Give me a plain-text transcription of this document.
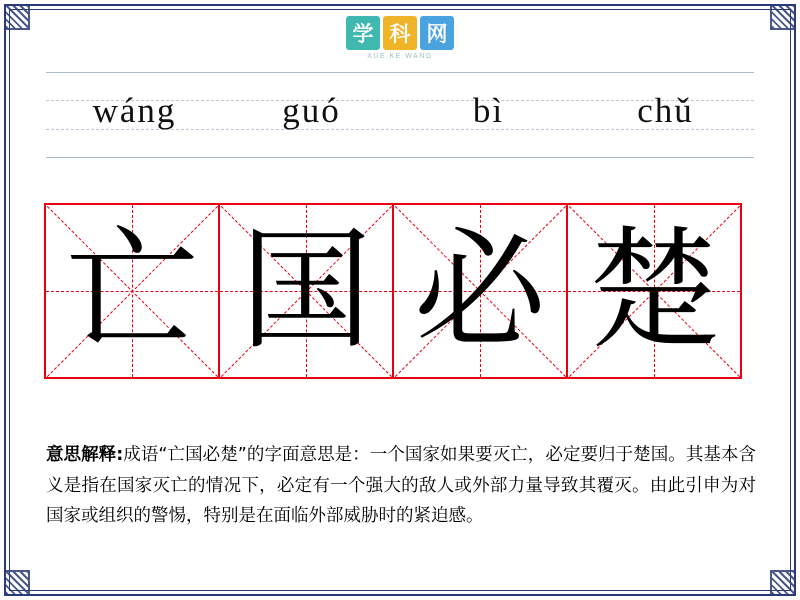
学 科 网
XUE KE WANG
wáng	guó	bì	chǔ
亡 国 必 楚
意思解释:成语“亡国必楚”的字面意思是：一个国家如果要灭亡，必定要归于楚国。其基本含义是指在国家灭亡的情况下，必定有一个强大的敌人或外部力量导致其覆灭。由此引申为对国家或组织的警惕，特别是在面临外部威胁时的紧迫感。
